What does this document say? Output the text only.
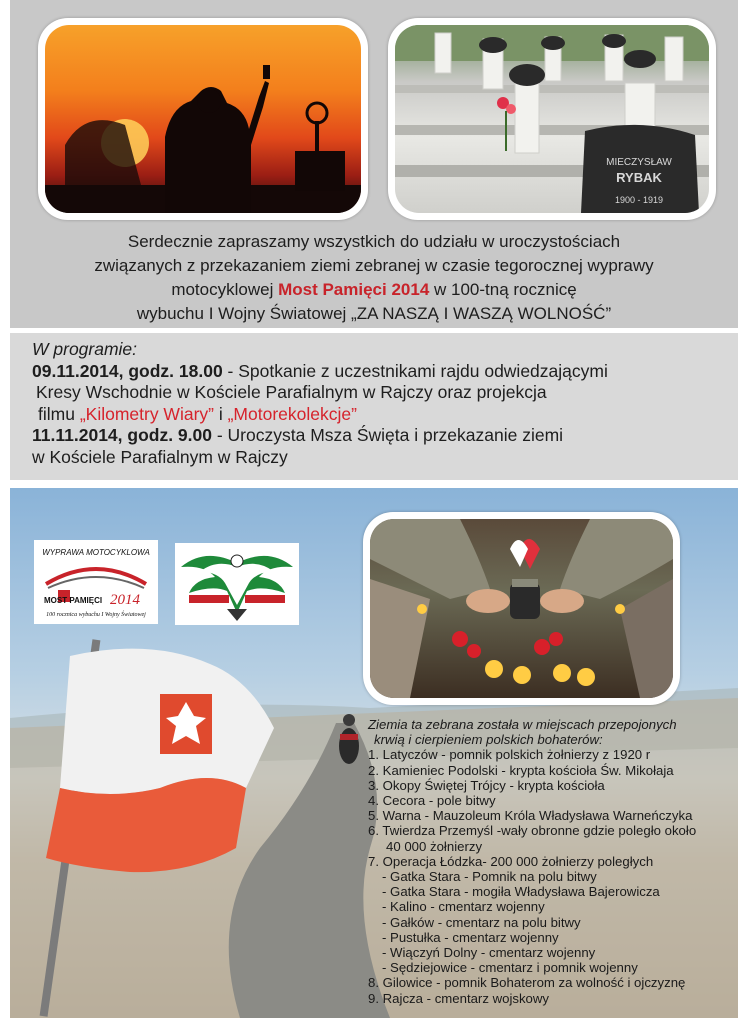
MIECZYSŁAW
RYBAK
1900 - 1919
Serdecznie zapraszamy wszystkich do udziału w uroczystościach
związanych z przekazaniem ziemi zebranej w czasie tegorocznej wyprawy
motocyklowej Most Pamięci 2014 w 100-tną rocznicę
wybuchu I Wojny Światowej „ZA NASZĄ I WASZĄ WOLNOŚĆ”
W programie:
09.11.2014, godz. 18.00 - Spotkanie z uczestnikami rajdu odwiedzającymi
Kresy Wschodnie w Kościele Parafialnym w Rajczy oraz projekcja
filmu „Kilometry Wiary” i „Motorekolekcje”
11.11.2014, godz. 9.00 - Uroczysta Msza Święta i przekazanie ziemi
w Kościele Parafialnym w Rajczy
WYPRAWA MOTOCYKLOWA
MOST PAMIĘCI 2014
100 rocznica wybuchu I Wojny Światowej
Ziemia ta zebrana została w miejscach przepojonych
krwią i cierpieniem polskich bohaterów:
1. Latyczów - pomnik polskich żołnierzy z 1920 r
2. Kamieniec Podolski - krypta kościoła Św. Mikołaja
3. Okopy Świętej Trójcy - krypta kościoła
4. Cecora - pole bitwy
5. Warna - Mauzoleum Króla Władysława Warneńczyka
6. Twierdza Przemyśl -wały obronne gdzie poległo około
40 000 żołnierzy
7. Operacja Łódzka- 200 000 żołnierzy poległych
- Gatka Stara - Pomnik na polu bitwy
- Gatka Stara - mogiła Władysława Bajerowicza
- Kalino - cmentarz wojenny
- Gałków - cmentarz na polu bitwy
- Pustułka - cmentarz wojenny
- Wiączyń Dolny - cmentarz wojenny
- Sędziejowice - cmentarz i pomnik wojenny
8. Gilowice - pomnik Bohaterom za wolność i ojczyznę
9. Rajcza - cmentarz wojskowy
